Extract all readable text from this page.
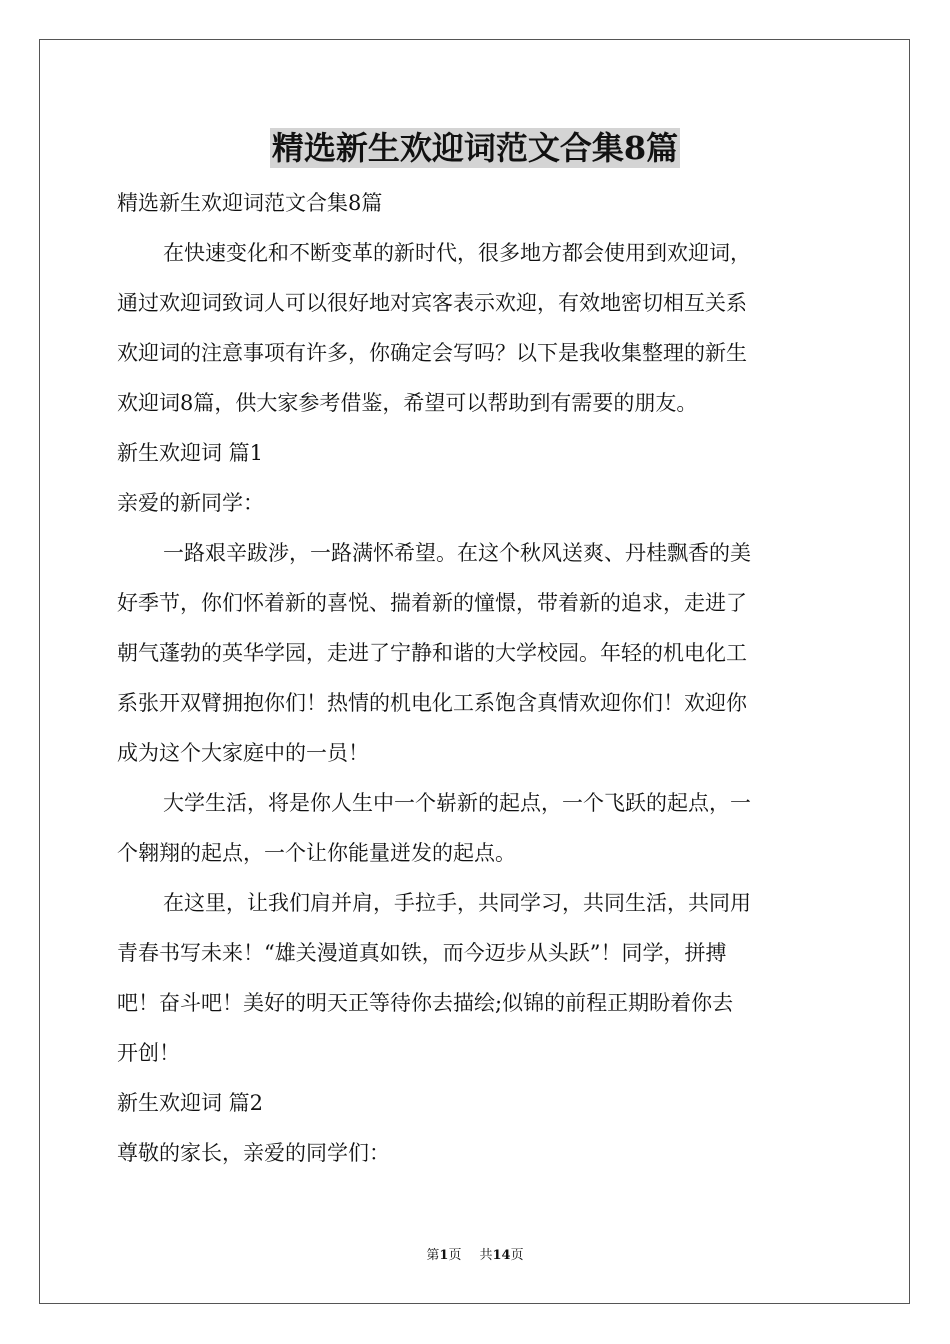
精选新生欢迎词范文合集8篇
精选新生欢迎词范文合集8篇
在快速变化和不断变革的新时代，很多地方都会使用到欢迎词，
通过欢迎词致词人可以很好地对宾客表示欢迎，有效地密切相互关系
欢迎词的注意事项有许多，你确定会写吗？以下是我收集整理的新生
欢迎词8篇，供大家参考借鉴，希望可以帮助到有需要的朋友。
新生欢迎词 篇1
亲爱的新同学：
一路艰辛跋涉，一路满怀希望。在这个秋风送爽、丹桂飘香的美
好季节，你们怀着新的喜悦、揣着新的憧憬，带着新的追求，走进了
朝气蓬勃的英华学园，走进了宁静和谐的大学校园。年轻的机电化工
系张开双臂拥抱你们！热情的机电化工系饱含真情欢迎你们！欢迎你
成为这个大家庭中的一员！
大学生活，将是你人生中一个崭新的起点，一个飞跃的起点，一
个翱翔的起点，一个让你能量迸发的起点。
在这里，让我们肩并肩，手拉手，共同学习，共同生活，共同用
青春书写未来！“雄关漫道真如铁，而今迈步从头跃”！同学，拼搏
吧！奋斗吧！美好的明天正等待你去描绘;似锦的前程正期盼着你去
开创！
新生欢迎词 篇2
尊敬的家长，亲爱的同学们：
第1页 共14页
